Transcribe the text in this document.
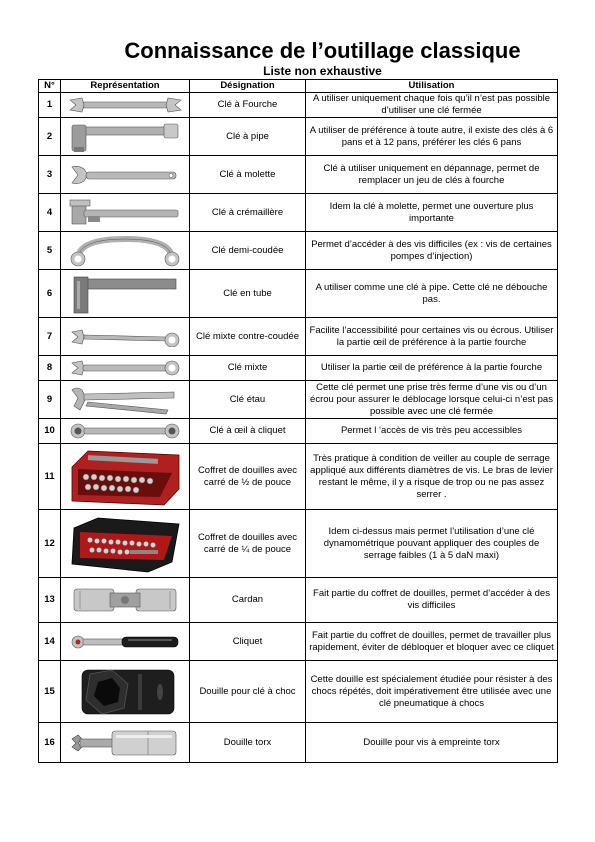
Connaissance de l’outillage classique
Liste non exhaustive
N°	Représentation	Désignation	Utilisation
1		Clé à Fourche	A utiliser uniquement chaque fois qu’il n’est pas possible d’utiliser une clé fermée
2		Clé à pipe	A utiliser de préférence à toute autre, il existe des clés à 6 pans et à 12 pans, préférer les clés 6 pans
3		Clé à molette	Clé à utiliser uniquement en dépannage, permet de remplacer un jeu de clés à fourche
4		Clé à crémaillère	Idem la clé à molette, permet une ouverture plus importante
5		Clé demi-coudée	Permet d’accéder à des vis difficiles (ex : vis de certaines pompes d’injection)
6		Clé en tube	A utiliser comme une clé à pipe. Cette clé ne débouche pas.
7		Clé mixte contre-coudée	Facilite l’accessibilité pour certaines vis ou écrous. Utiliser la partie œil de préférence à la partie fourche
8		Clé mixte	Utiliser la partie œil de préférence à la partie fourche
9		Clé étau	Cette clé permet une prise très ferme d’une vis ou d’un écrou pour assurer le déblocage lorsque celui-ci n’est pas possible avec une clé fermée
10		Clé à œil à cliquet	Permet l ‘accès de vis très peu accessibles
11		Coffret de douilles avec carré de ½ de pouce	Très pratique à condition de veiller au couple de serrage appliqué aux différents diamètres de vis. Le bras de levier restant le même, il y a risque de trop ou ne pas assez serrer .
12		Coffret de douilles avec carré de ¼ de pouce	Idem ci-dessus mais permet l’utilisation d’une clé dynamométrique pouvant appliquer des couples de serrage faibles (1 à 5 daN maxi)
13		Cardan	Fait partie du coffret de douilles, permet d’accéder à des vis difficiles
14		Cliquet	Fait partie du coffret de douilles, permet de travailler plus rapidement, éviter de débloquer et bloquer avec ce cliquet
15		Douille pour clé à choc	Cette douille est spécialement étudiée pour résister à des chocs répétés, doit impérativement être utilisée avec une clé pneumatique à chocs
16		Douille torx	Douille pour vis à empreinte torx
